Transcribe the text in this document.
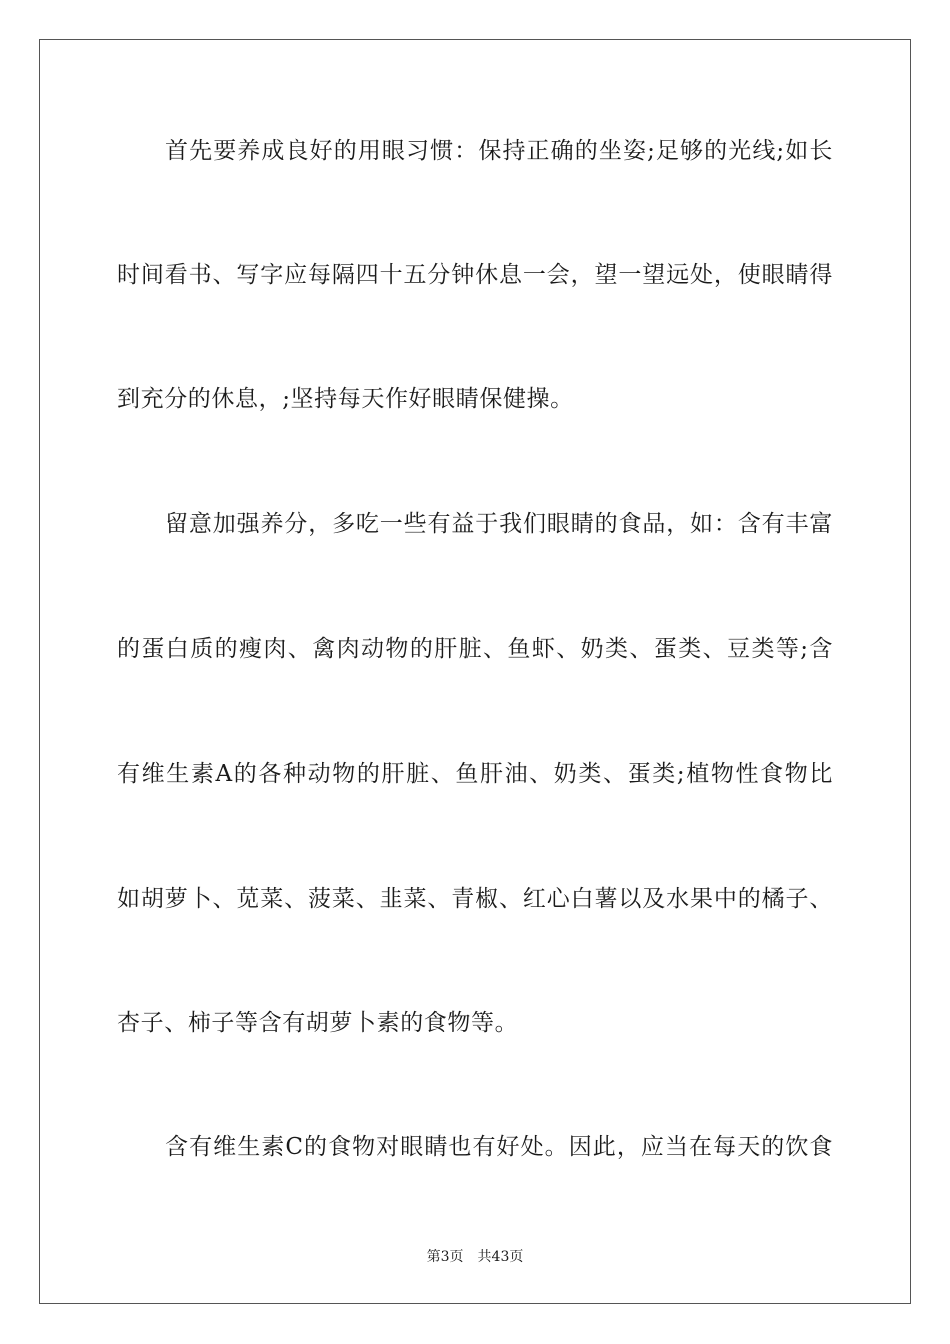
首先要养成良好的用眼习惯：保持正确的坐姿;足够的光线;如长
时间看书、写字应每隔四十五分钟休息一会，望一望远处，使眼睛得
到充分的休息，;坚持每天作好眼睛保健操。
留意加强养分，多吃一些有益于我们眼睛的食品，如：含有丰富
的蛋白质的瘦肉、禽肉动物的肝脏、鱼虾、奶类、蛋类、豆类等;含
有维生素A的各种动物的肝脏、鱼肝油、奶类、蛋类;植物性食物比
如胡萝卜、苋菜、菠菜、韭菜、青椒、红心白薯以及水果中的橘子、
杏子、柿子等含有胡萝卜素的食物等。
含有维生素C的食物对眼睛也有好处。因此，应当在每天的饮食
第3页 共43页
